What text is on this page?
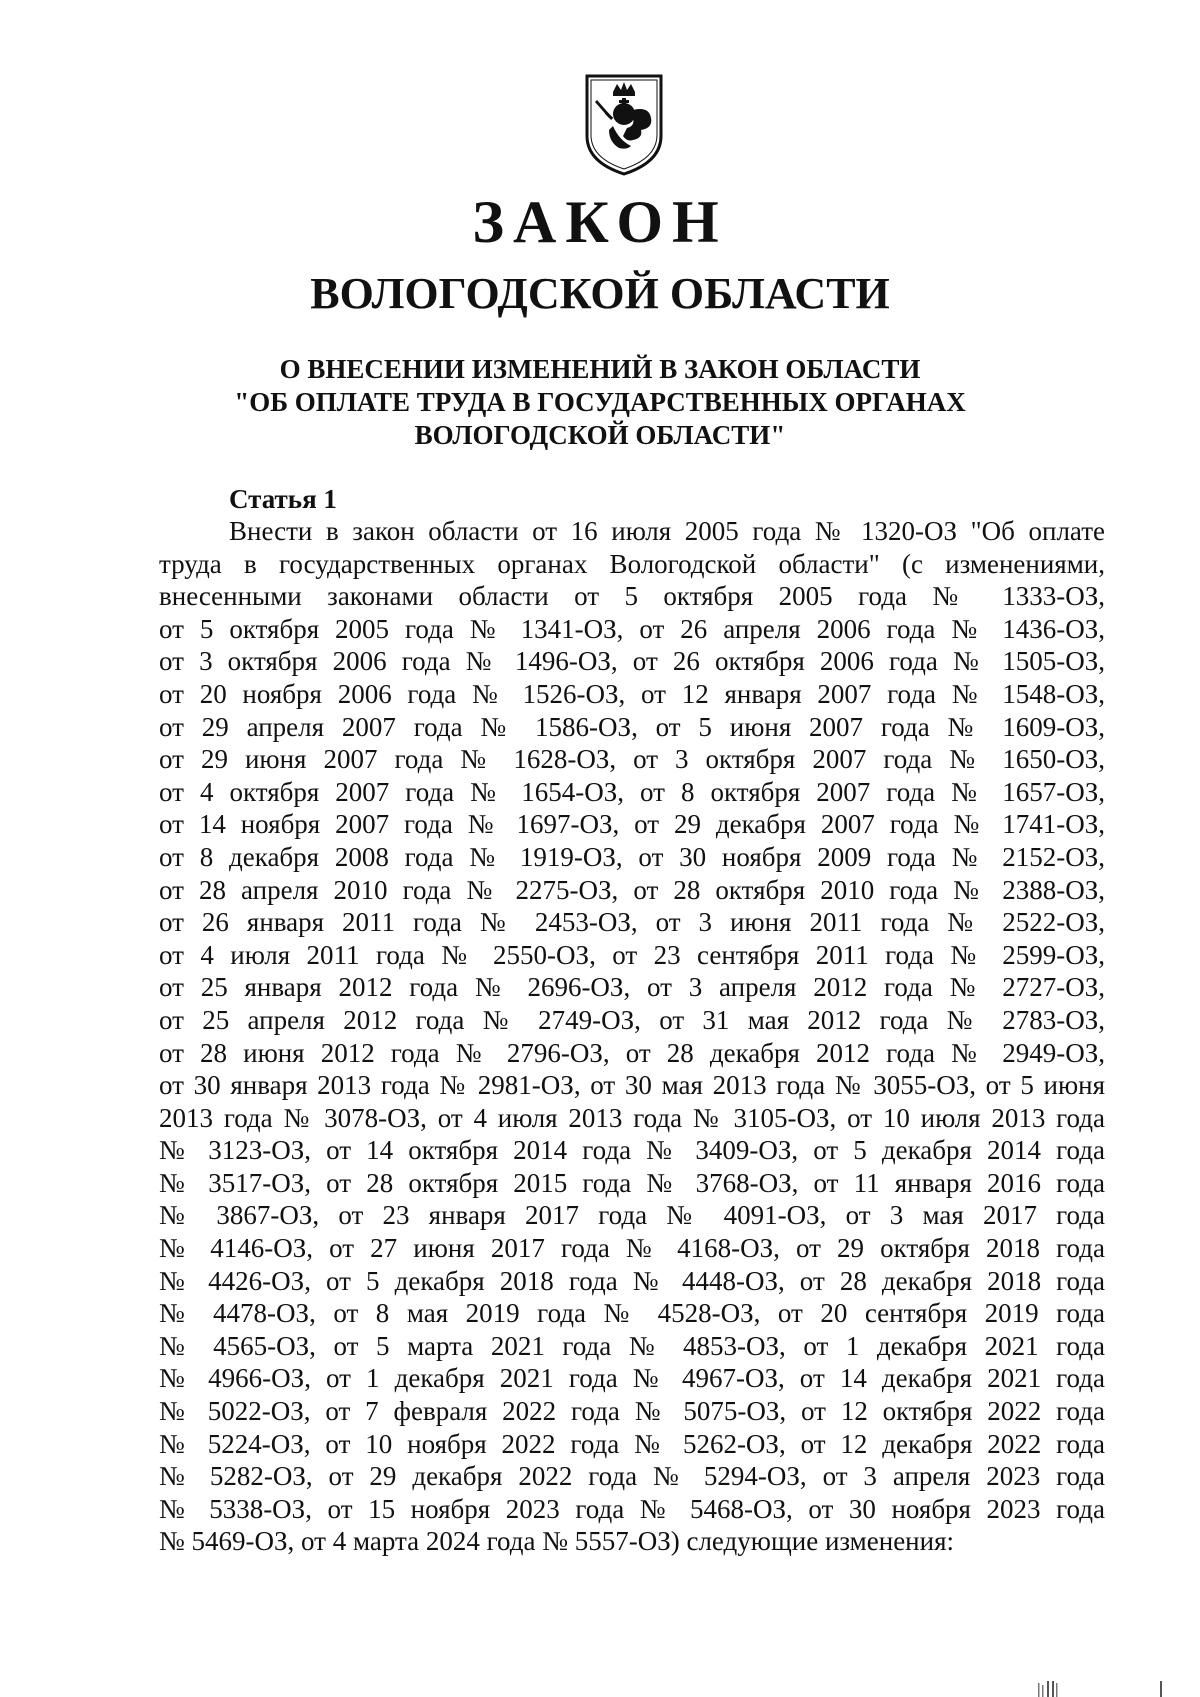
ЗАКОН
ВОЛОГОДСКОЙ ОБЛАСТИ
О ВНЕСЕНИИ ИЗМЕНЕНИЙ В ЗАКОН ОБЛАСТИ
"ОБ ОПЛАТЕ ТРУДА В ГОСУДАРСТВЕННЫХ ОРГАНАХ
ВОЛОГОДСКОЙ ОБЛАСТИ"
Статья 1
Внести в закон области от 16 июля 2005 года № 1320-ОЗ "Об оплате
труда в государственных органах Вологодской области" (с изменениями,
внесенными законами области от 5 октября 2005 года № 1333-ОЗ,
от 5 октября 2005 года № 1341-ОЗ, от 26 апреля 2006 года № 1436-ОЗ,
от 3 октября 2006 года № 1496-ОЗ, от 26 октября 2006 года № 1505-ОЗ,
от 20 ноября 2006 года № 1526-ОЗ, от 12 января 2007 года № 1548-ОЗ,
от 29 апреля 2007 года № 1586-ОЗ, от 5 июня 2007 года № 1609-ОЗ,
от 29 июня 2007 года № 1628-ОЗ, от 3 октября 2007 года № 1650-ОЗ,
от 4 октября 2007 года № 1654-ОЗ, от 8 октября 2007 года № 1657-ОЗ,
от 14 ноября 2007 года № 1697-ОЗ, от 29 декабря 2007 года № 1741-ОЗ,
от 8 декабря 2008 года № 1919-ОЗ, от 30 ноября 2009 года № 2152-ОЗ,
от 28 апреля 2010 года № 2275-ОЗ, от 28 октября 2010 года № 2388-ОЗ,
от 26 января 2011 года № 2453-ОЗ, от 3 июня 2011 года № 2522-ОЗ,
от 4 июля 2011 года № 2550-ОЗ, от 23 сентября 2011 года № 2599-ОЗ,
от 25 января 2012 года № 2696-ОЗ, от 3 апреля 2012 года № 2727-ОЗ,
от 25 апреля 2012 года № 2749-ОЗ, от 31 мая 2012 года № 2783-ОЗ,
от 28 июня 2012 года № 2796-ОЗ, от 28 декабря 2012 года № 2949-ОЗ,
от 30 января 2013 года № 2981-ОЗ, от 30 мая 2013 года № 3055-ОЗ, от 5 июня
2013 года № 3078-ОЗ, от 4 июля 2013 года № 3105-ОЗ, от 10 июля 2013 года
№ 3123-ОЗ, от 14 октября 2014 года № 3409-ОЗ, от 5 декабря 2014 года
№ 3517-ОЗ, от 28 октября 2015 года № 3768-ОЗ, от 11 января 2016 года
№ 3867-ОЗ, от 23 января 2017 года № 4091-ОЗ, от 3 мая 2017 года
№ 4146-ОЗ, от 27 июня 2017 года № 4168-ОЗ, от 29 октября 2018 года
№ 4426-ОЗ, от 5 декабря 2018 года № 4448-ОЗ, от 28 декабря 2018 года
№ 4478-ОЗ, от 8 мая 2019 года № 4528-ОЗ, от 20 сентября 2019 года
№ 4565-ОЗ, от 5 марта 2021 года № 4853-ОЗ, от 1 декабря 2021 года
№ 4966-ОЗ, от 1 декабря 2021 года № 4967-ОЗ, от 14 декабря 2021 года
№ 5022-ОЗ, от 7 февраля 2022 года № 5075-ОЗ, от 12 октября 2022 года
№ 5224-ОЗ, от 10 ноября 2022 года № 5262-ОЗ, от 12 декабря 2022 года
№ 5282-ОЗ, от 29 декабря 2022 года № 5294-ОЗ, от 3 апреля 2023 года
№ 5338-ОЗ, от 15 ноября 2023 года № 5468-ОЗ, от 30 ноября 2023 года
№ 5469-ОЗ, от 4 марта 2024 года № 5557-ОЗ) следующие изменения:
